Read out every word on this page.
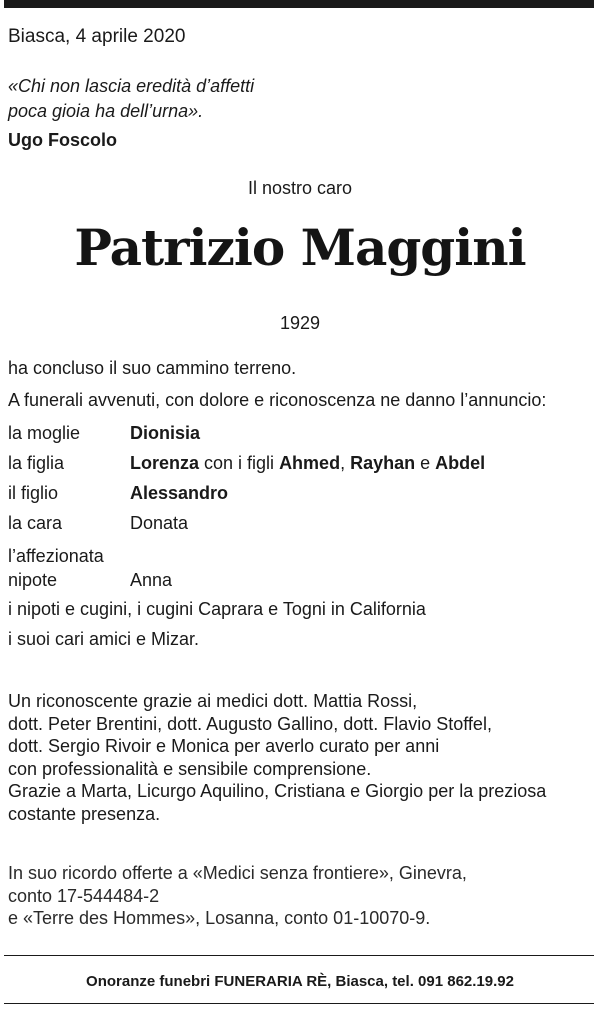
Biasca, 4 aprile 2020
«Chi non lascia eredità d’affetti
poca gioia ha dell’urna».
Ugo Foscolo
Il nostro caro
Patrizio Maggini
1929
ha concluso il suo cammino terreno.
A funerali avvenuti, con dolore e riconoscenza ne danno l’annuncio:
la moglie	Dionisia
la figlia	Lorenza con i figli Ahmed, Rayhan e Abdel
il figlio	Alessandro
la cara	Donata
l’affezionata
nipote	Anna
i nipoti e cugini, i cugini Caprara e Togni in California
i suoi cari amici e Mizar.
Un riconoscente grazie ai medici dott. Mattia Rossi,
dott. Peter Brentini, dott. Augusto Gallino, dott. Flavio Stoffel,
dott. Sergio Rivoir e Monica per averlo curato per anni
con professionalità e sensibile comprensione.
Grazie a Marta, Licurgo Aquilino, Cristiana e Giorgio per la preziosa
costante presenza.
In suo ricordo offerte a «Medici senza frontiere», Ginevra,
conto 17-544484-2
e «Terre des Hommes», Losanna, conto 01-10070-9.
Onoranze funebri FUNERARIA RÈ, Biasca, tel. 091 862.19.92
